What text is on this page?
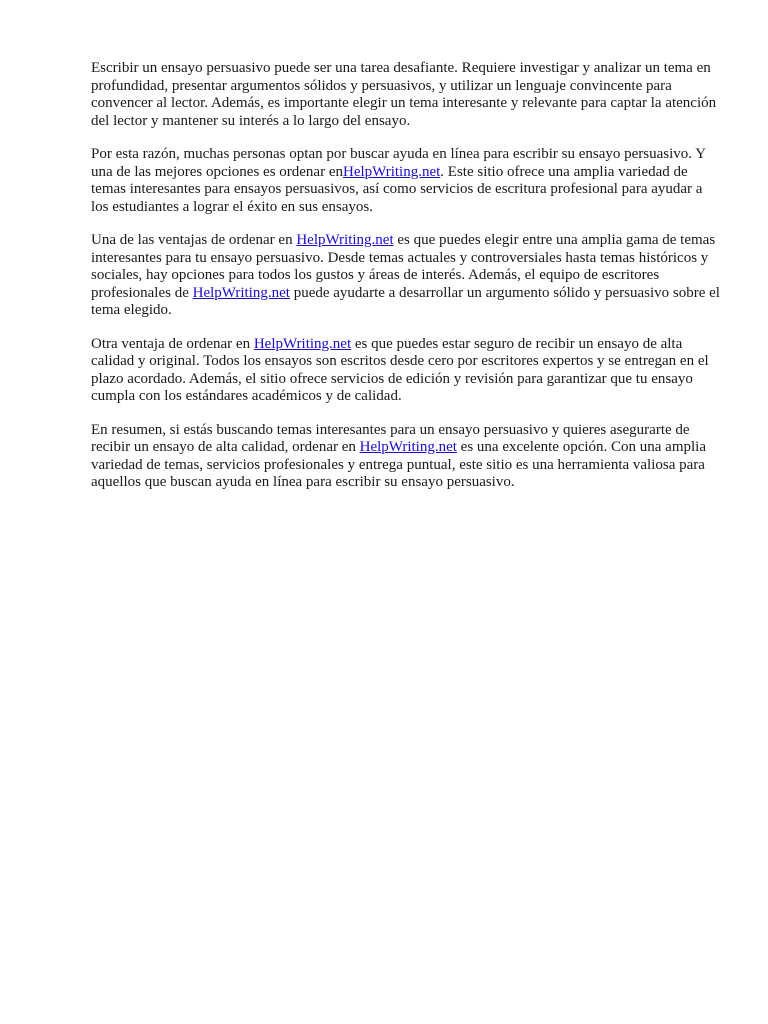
Escribir un ensayo persuasivo puede ser una tarea desafiante. Requiere investigar y analizar un tema en profundidad, presentar argumentos sólidos y persuasivos, y utilizar un lenguaje convincente para convencer al lector. Además, es importante elegir un tema interesante y relevante para captar la atención del lector y mantener su interés a lo largo del ensayo.

Por esta razón, muchas personas optan por buscar ayuda en línea para escribir su ensayo persuasivo. Y una de las mejores opciones es ordenar enHelpWriting.net. Este sitio ofrece una amplia variedad de temas interesantes para ensayos persuasivos, así como servicios de escritura profesional para ayudar a los estudiantes a lograr el éxito en sus ensayos.

Una de las ventajas de ordenar en HelpWriting.net es que puedes elegir entre una amplia gama de temas interesantes para tu ensayo persuasivo. Desde temas actuales y controversiales hasta temas históricos y sociales, hay opciones para todos los gustos y áreas de interés. Además, el equipo de escritores profesionales de HelpWriting.net puede ayudarte a desarrollar un argumento sólido y persuasivo sobre el tema elegido.

Otra ventaja de ordenar en HelpWriting.net es que puedes estar seguro de recibir un ensayo de alta calidad y original. Todos los ensayos son escritos desde cero por escritores expertos y se entregan en el plazo acordado. Además, el sitio ofrece servicios de edición y revisión para garantizar que tu ensayo cumpla con los estándares académicos y de calidad.

En resumen, si estás buscando temas interesantes para un ensayo persuasivo y quieres asegurarte de recibir un ensayo de alta calidad, ordenar en HelpWriting.net es una excelente opción. Con una amplia variedad de temas, servicios profesionales y entrega puntual, este sitio es una herramienta valiosa para aquellos que buscan ayuda en línea para escribir su ensayo persuasivo.
